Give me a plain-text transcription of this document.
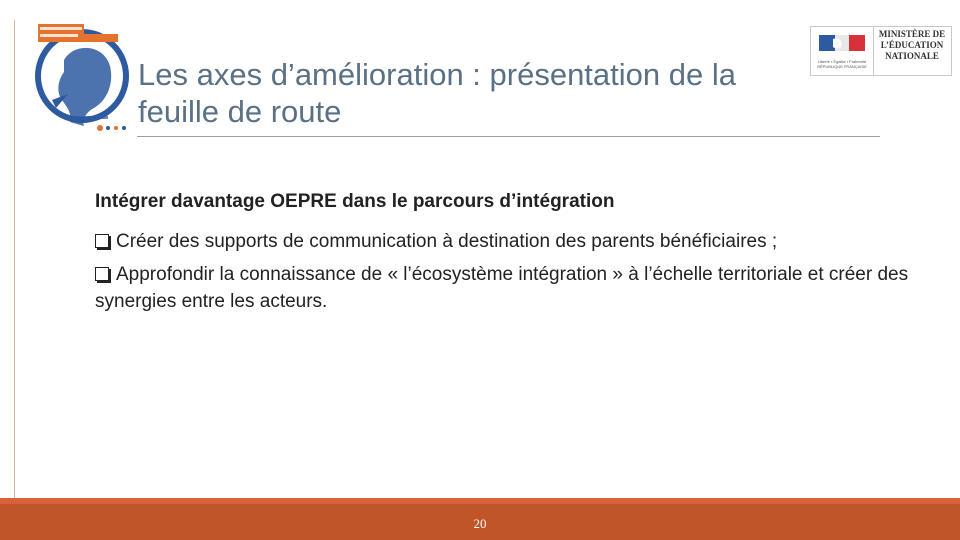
Les axes d’amélioration : présentation de la feuille de route
Liberté • Égalité • Fraternité RÉPUBLIQUE FRANÇAISE
MINISTÈRE DE L’ÉDUCATION NATIONALE

Intégrer davantage OEPRE dans le parcours d’intégration

Créer des supports de communication à destination des parents bénéficiaires ;

Approfondir la connaissance de « l’écosystème intégration » à l’échelle territoriale et créer des synergies entre les acteurs.

20
